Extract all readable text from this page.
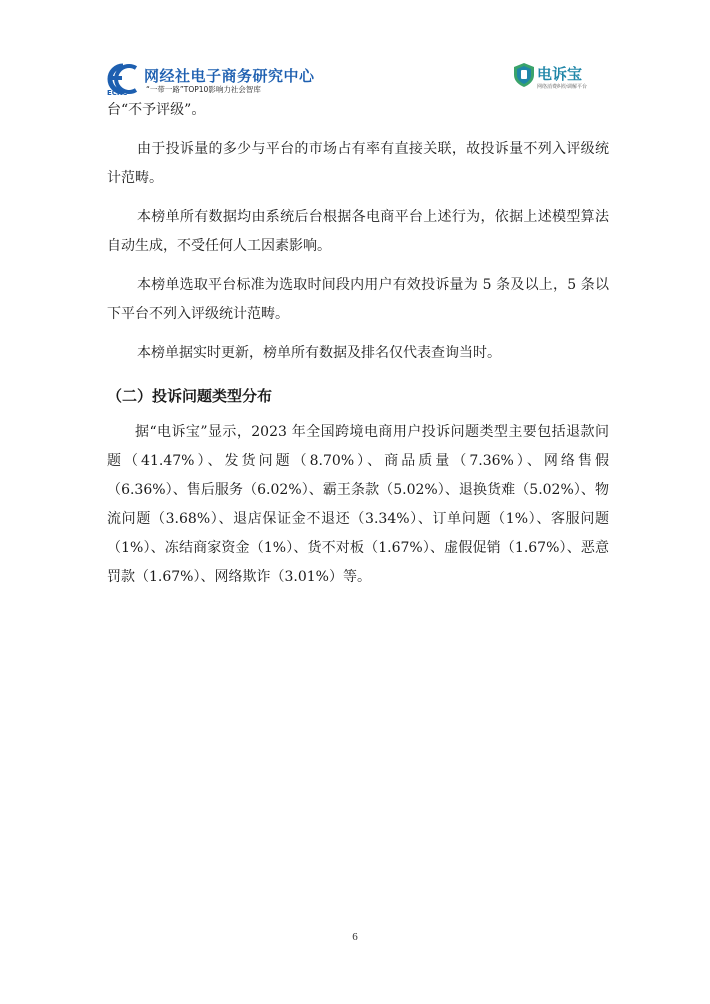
ECRC
网经社电子商务研究中心
“一带一路”TOP10影响力社会智库
电诉宝
网络消费纠纷调解平台

台“不予评级”。

由于投诉量的多少与平台的市场占有率有直接关联，故投诉量不列入评级统计范畴。

本榜单所有数据均由系统后台根据各电商平台上述行为，依据上述模型算法自动生成，不受任何人工因素影响。

本榜单选取平台标准为选取时间段内用户有效投诉量为 5 条及以上，5 条以下平台不列入评级统计范畴。

本榜单据实时更新，榜单所有数据及排名仅代表查询当时。

（二）投诉问题类型分布

据“电诉宝”显示，2023 年全国跨境电商用户投诉问题类型主要包括退款问题（41.47%）、发货问题（8.70%）、商品质量（7.36%）、网络售假（6.36%）、售后服务（6.02%）、霸王条款（5.02%）、退换货难（5.02%）、物流问题（3.68%）、退店保证金不退还（3.34%）、订单问题（1%）、客服问题（1%）、冻结商家资金（1%）、货不对板（1.67%）、虚假促销（1.67%）、恶意罚款（1.67%）、网络欺诈（3.01%）等。

6
